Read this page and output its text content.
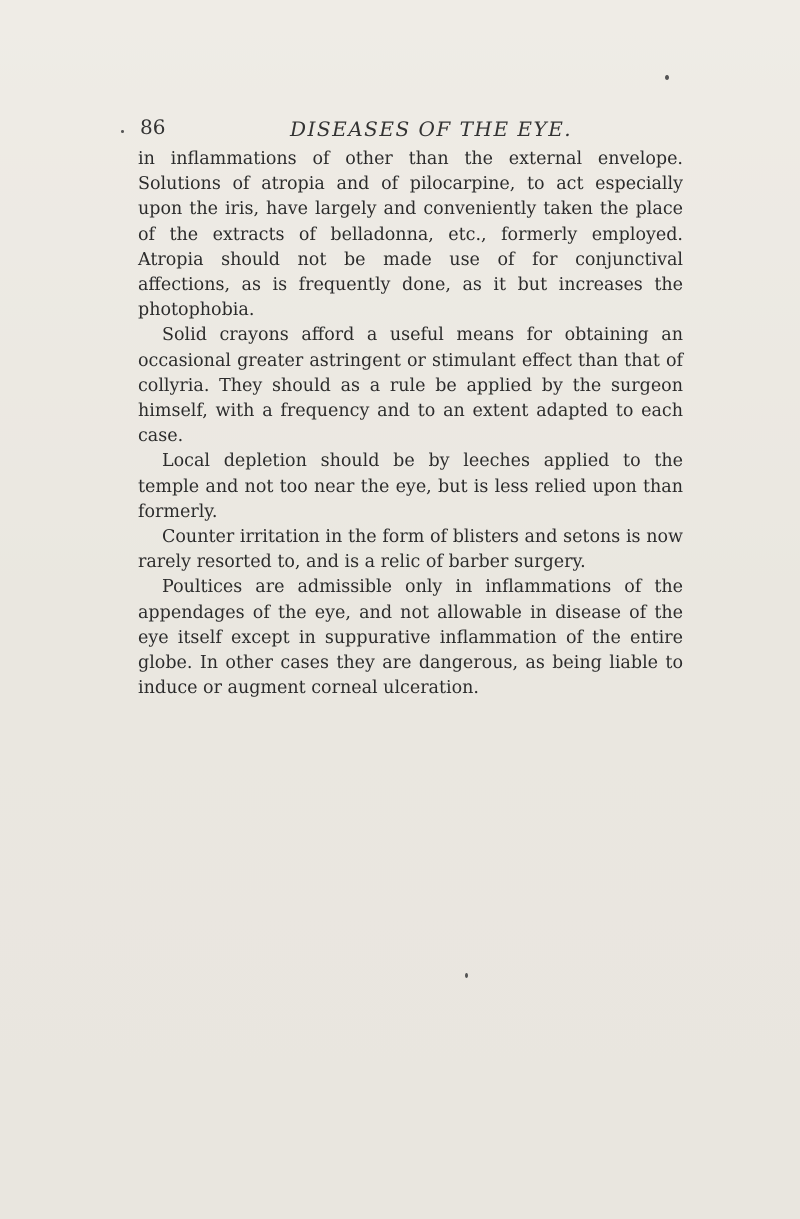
86	DISEASES OF THE EYE.

in inflammations of other than the external envelope. Solutions of atropia and of pilocarpine, to act especially upon the iris, have largely and conveniently taken the place of the extracts of belladonna, etc., formerly employed. Atropia should not be made use of for conjunctival affections, as is frequently done, as it but increases the photophobia.

Solid crayons afford a useful means for obtaining an occasional greater astringent or stimulant effect than that of collyria. They should as a rule be applied by the surgeon himself, with a frequency and to an extent adapted to each case.

Local depletion should be by leeches applied to the temple and not too near the eye, but is less relied upon than formerly.

Counter irritation in the form of blisters and setons is now rarely resorted to, and is a relic of barber surgery.

Poultices are admissible only in inflammations of the appendages of the eye, and not allowable in disease of the eye itself except in suppurative inflammation of the entire globe. In other cases they are dangerous, as being liable to induce or augment corneal ulceration.
